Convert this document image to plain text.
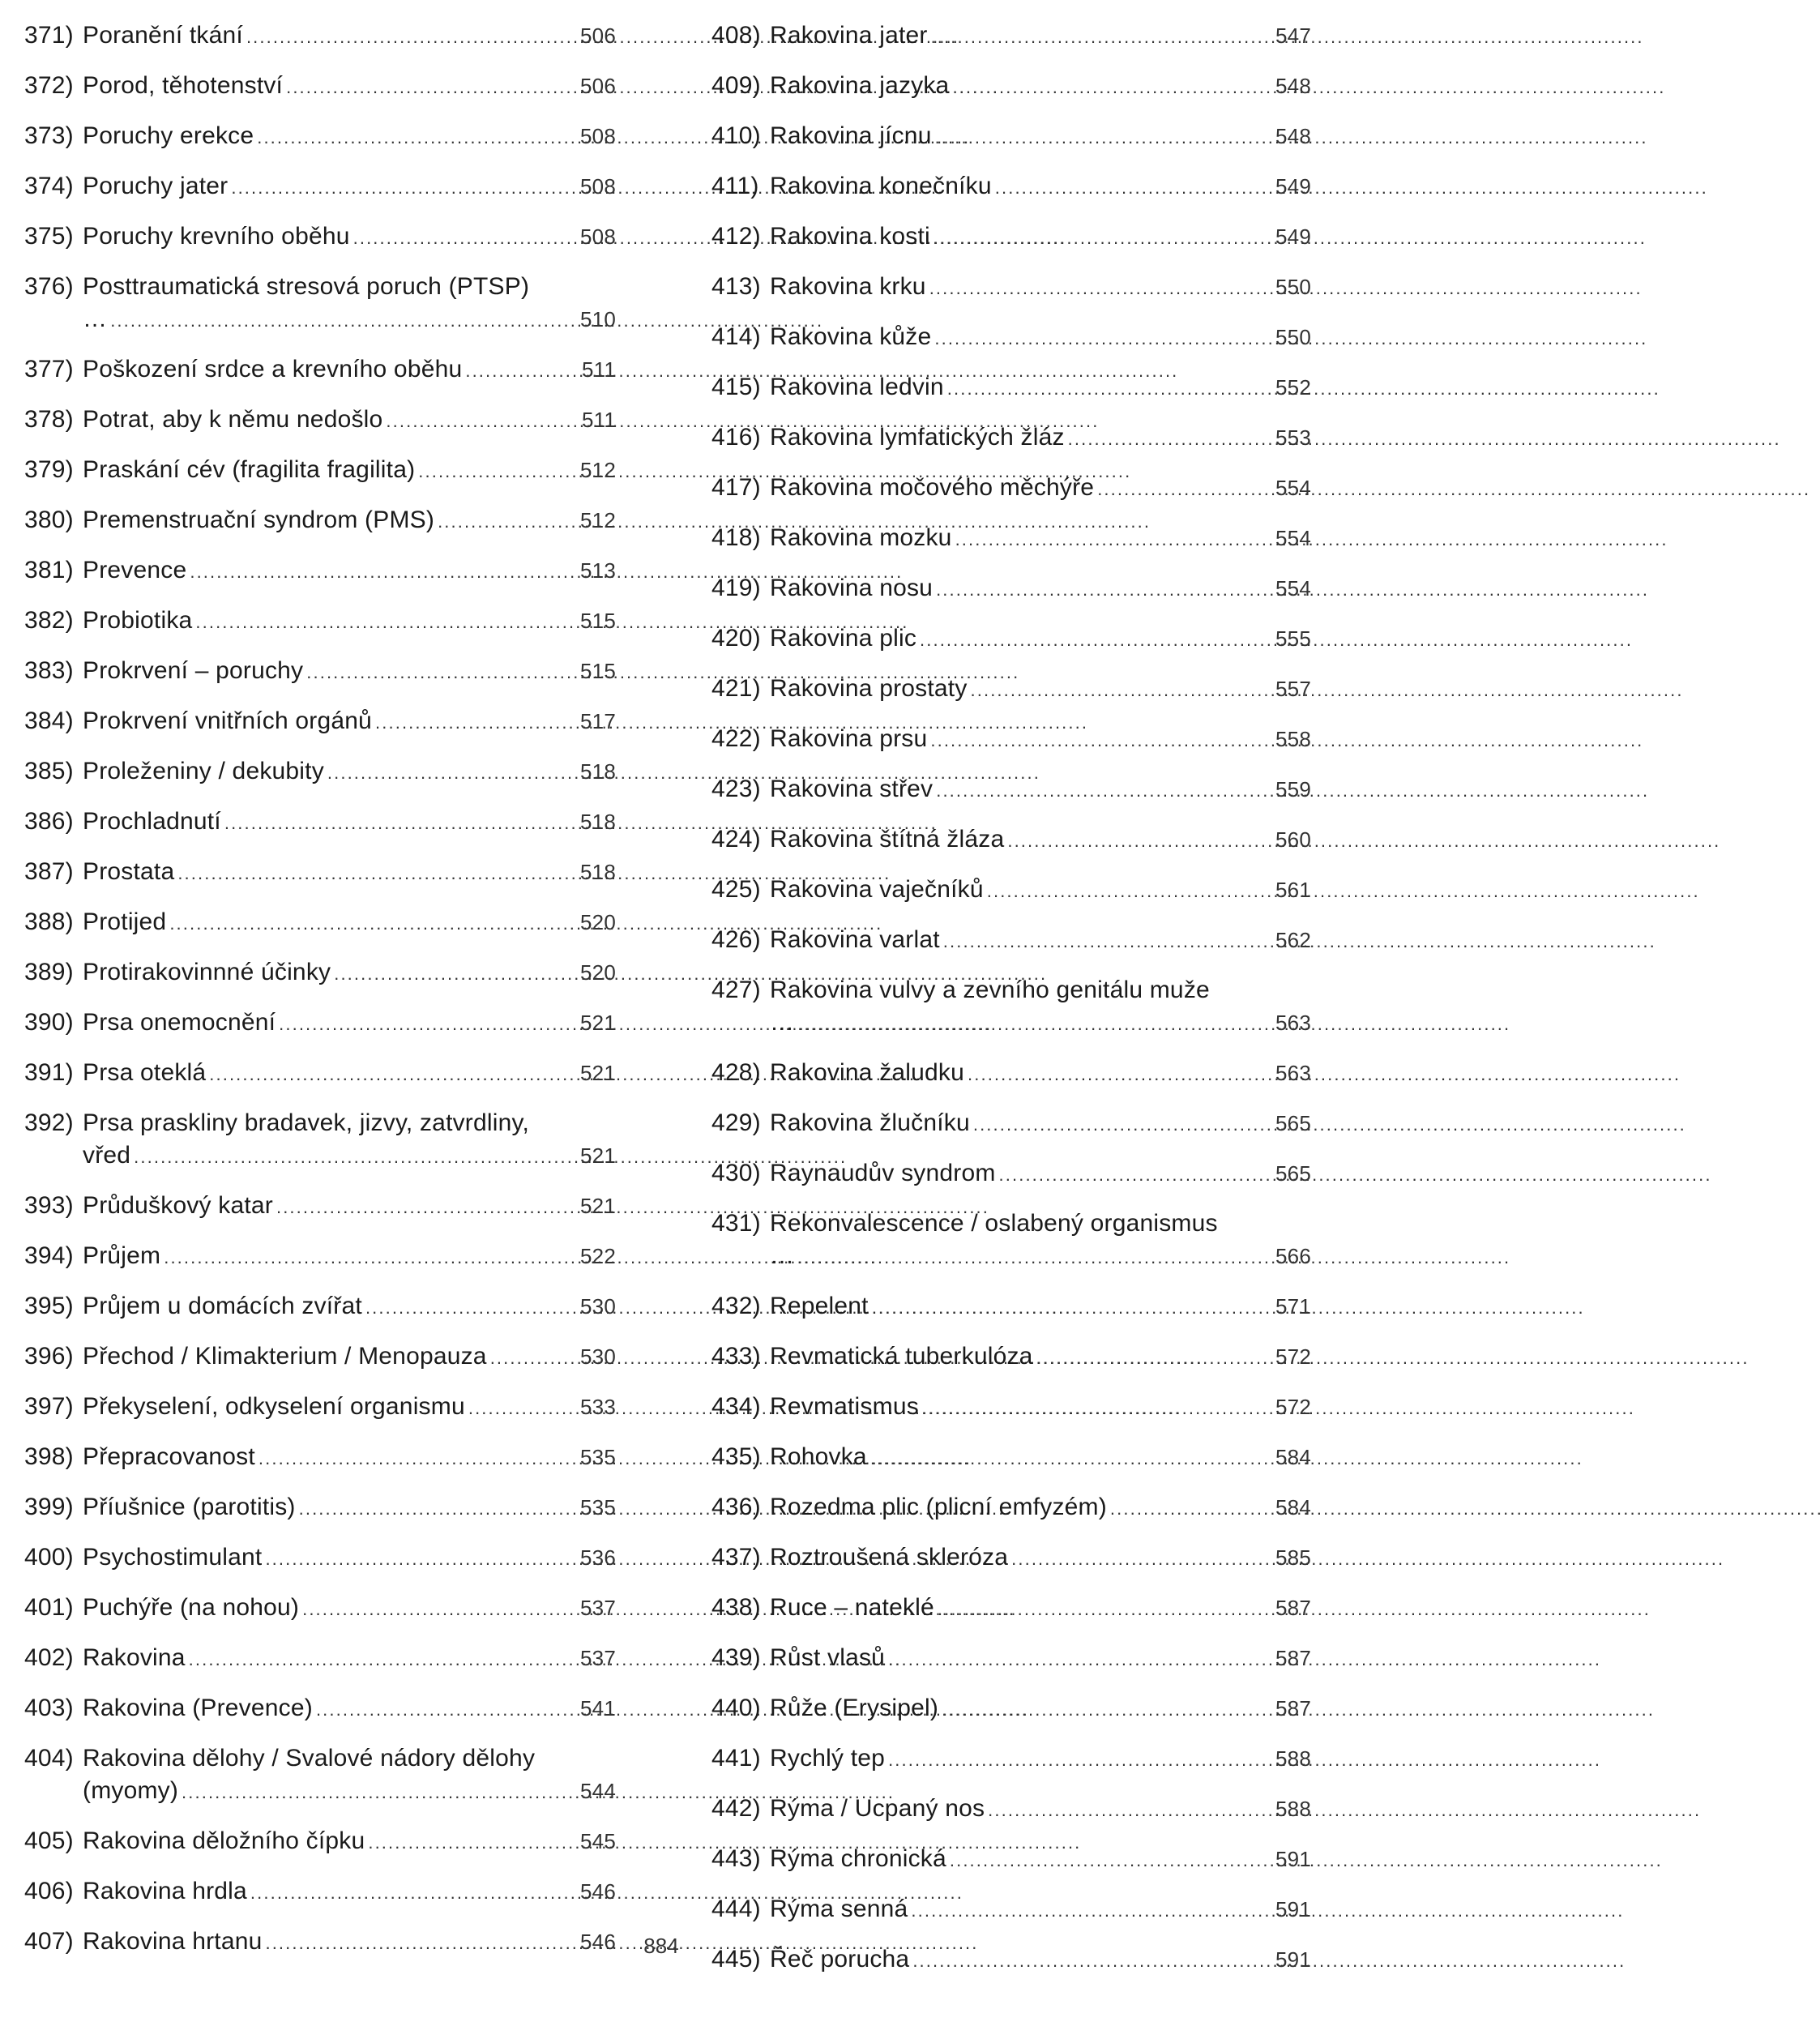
371) Poranění tkání . . .	506
372) Porod, těhotenství . . .	506
373) Poruchy erekce . . .	508
374) Poruchy jater . . .	508
375) Poruchy krevního oběhu . . .	508
376) Posttraumatická stresová poruch (PTSP)
… . . .	510
377) Poškození srdce a krevního oběhu . . .	511
378) Potrat, aby k němu nedošlo . . .	511
379) Praskání cév (fragilita fragilita) . . .	512
380) Premenstruační syndrom (PMS) . . .	512
381) Prevence . . .	513
382) Probiotika . . .	515
383) Prokrvení – poruchy . . .	515
384) Prokrvení vnitřních orgánů . . .	517
385) Proleženiny / dekubity . . .	518
386) Prochladnutí . . .	518
387) Prostata . . .	518
388) Protijed . . .	520
389) Protirakovinnné účinky . . .	520
390) Prsa onemocnění . . .	521
391) Prsa oteklá . . .	521
392) Prsa praskliny bradavek, jizvy, zatvrdliny,
vřed . . .	521
393) Průduškový katar . . .	521
394) Průjem . . .	522
395) Průjem u domácích zvířat . . .	530
396) Přechod / Klimakterium / Menopauza . . .	530
397) Překyselení, odkyselení organismu . . .	533
398) Přepracovanost . . .	535
399) Příušnice (parotitis) . . .	535
400) Psychostimulant . . .	536
401) Puchýře (na nohou) . . .	537
402) Rakovina . . .	537
403) Rakovina (Prevence) . . .	541
404) Rakovina dělohy / Svalové nádory dělohy
(myomy) . . .	544
405) Rakovina děložního čípku . . .	545
406) Rakovina hrdla . . .	546
407) Rakovina hrtanu . . .	546
408) Rakovina jater . . .	547
409) Rakovina jazyka . . .	548
410) Rakovina jícnu . . .	548
411) Rakovina konečníku . . .	549
412) Rakovina kosti . . .	549
413) Rakovina krku . . .	550
414) Rakovina kůže . . .	550
415) Rakovina ledvin . . .	552
416) Rakovina lymfatických žláz . . .	553
417) Rakovina močového měchýře . . .	554
418) Rakovina mozku . . .	554
419) Rakovina nosu . . .	554
420) Rakovina plic . . .	555
421) Rakovina prostaty . . .	557
422) Rakovina prsu . . .	558
423) Rakovina střev . . .	559
424) Rakovina štítná žláza . . .	560
425) Rakovina vaječníků . . .	561
426) Rakovina varlat . . .	562
427) Rakovina vulvy a zevního genitálu muže
… . . .	563
428) Rakovina žaludku . . .	563
429) Rakovina žlučníku . . .	565
430) Raynaudův syndrom . . .	565
431) Rekonvalescence / oslabený organismus
… . . .	566
432) Repelent . . .	571
433) Revmatická tuberkulóza . . .	572
434) Revmatismus . . .	572
435) Rohovka . . .	584
436) Rozedma plic (plicní emfyzém) . . .	584
437) Roztroušená skleróza . . .	585
438) Ruce – nateklé . . .	587
439) Růst vlasů . . .	587
440) Růže (Erysipel) . . .	587
441) Rychlý tep . . .	588
442) Rýma / Ucpaný nos . . .	588
443) Rýma chronická . . .	591
444) Rýma senná . . .	591
445) Řeč porucha . . .	591
884
